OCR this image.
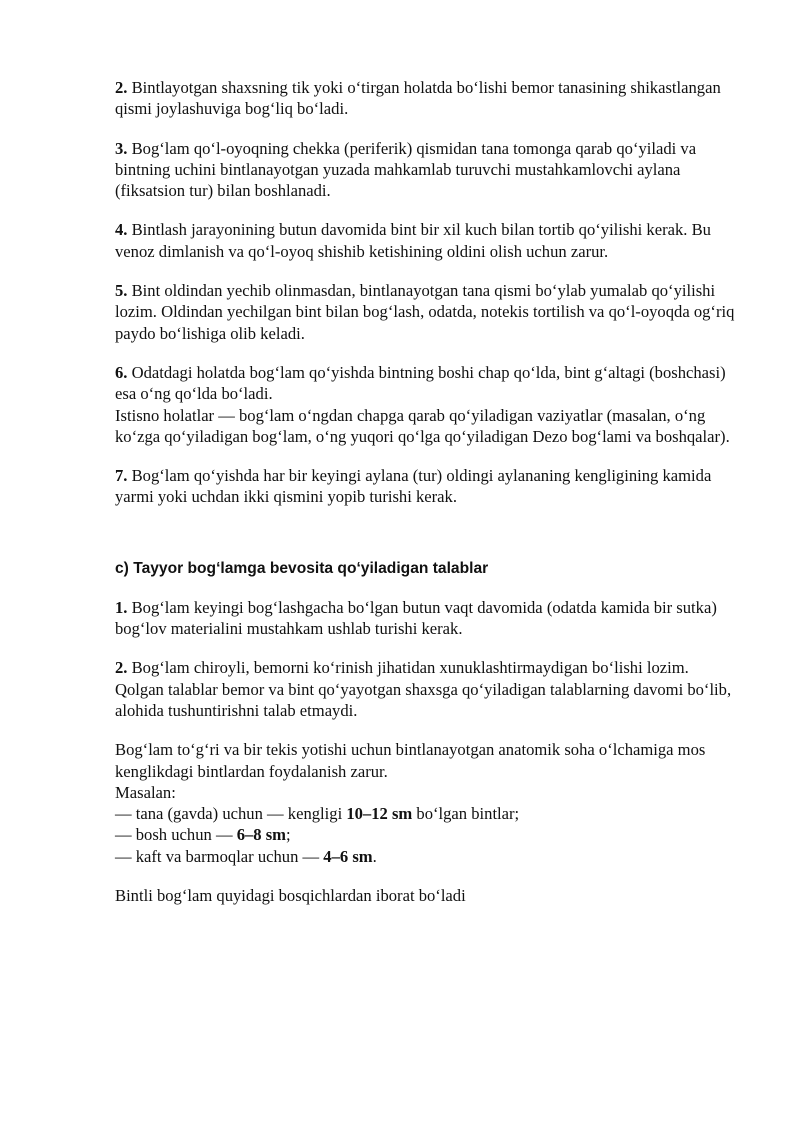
2. Bintlayotgan shaxsning tik yoki o‘tirgan holatda bo‘lishi bemor tanasining shikastlangan qismi joylashuviga bog‘liq bo‘ladi.
3. Bog‘lam qo‘l-oyoqning chekka (periferik) qismidan tana tomonga qarab qo‘yiladi va bintning uchini bintlanayotgan yuzada mahkamlab turuvchi mustahkamlovchi aylana (fiksatsion tur) bilan boshlanadi.
4. Bintlash jarayonining butun davomida bint bir xil kuch bilan tortib qo‘yilishi kerak. Bu venoz dimlanish va qo‘l-oyoq shishib ketishining oldini olish uchun zarur.
5. Bint oldindan yechib olinmasdan, bintlanayotgan tana qismi bo‘ylab yumalab qo‘yilishi lozim. Oldindan yechilgan bint bilan bog‘lash, odatda, notekis tortilish va qo‘l-oyoqda og‘riq paydo bo‘lishiga olib keladi.
6. Odatdagi holatda bog‘lam qo‘yishda bintning boshi chap qo‘lda, bint g‘altagi (boshchasi) esa o‘ng qo‘lda bo‘ladi.
Istisno holatlar — bog‘lam o‘ngdan chapga qarab qo‘yiladigan vaziyatlar (masalan, o‘ng ko‘zga qo‘yiladigan bog‘lam, o‘ng yuqori qo‘lga qo‘yiladigan Dezo bog‘lami va boshqalar).
7. Bog‘lam qo‘yishda har bir keyingi aylana (tur) oldingi aylananing kengligining kamida yarmi yoki uchdan ikki qismini yopib turishi kerak.
c) Tayyor bog‘lamga bevosita qo‘yiladigan talablar
1. Bog‘lam keyingi bog‘lashgacha bo‘lgan butun vaqt davomida (odatda kamida bir sutka) bog‘lov materialini mustahkam ushlab turishi kerak.
2. Bog‘lam chiroyli, bemorni ko‘rinish jihatidan xunuklashtirmaydigan bo‘lishi lozim.
Qolgan talablar bemor va bint qo‘yayotgan shaxsga qo‘yiladigan talablarning davomi bo‘lib, alohida tushuntirishni talab etmaydi.
Bog‘lam to‘g‘ri va bir tekis yotishi uchun bintlanayotgan anatomik soha o‘lchamiga mos kenglikdagi bintlardan foydalanish zarur.
Masalan:
— tana (gavda) uchun — kengligi 10–12 sm bo‘lgan bintlar;
— bosh uchun — 6–8 sm;
— kaft va barmoqlar uchun — 4–6 sm.
Bintli bog‘lam quyidagi bosqichlardan iborat bo‘ladi
